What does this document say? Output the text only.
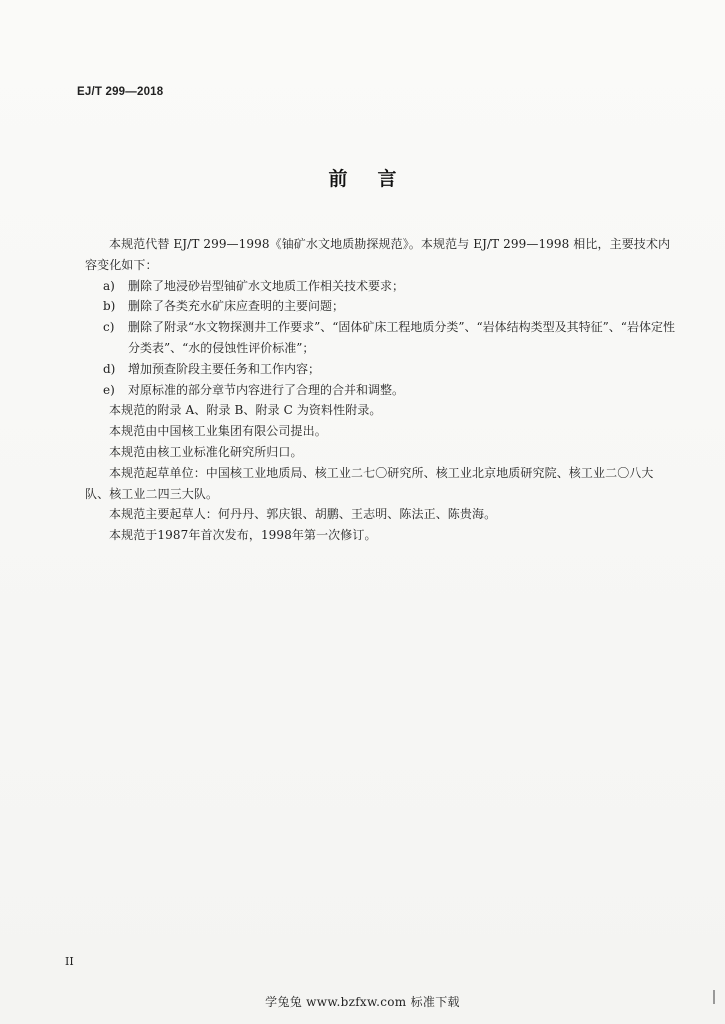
EJ/T 299—2018
前言

本规范代替 EJ/T 299—1998《铀矿水文地质勘探规范》。本规范与 EJ/T 299—1998 相比，主要技术内容变化如下：

a)	删除了地浸砂岩型铀矿水文地质工作相关技术要求；
b)	删除了各类充水矿床应查明的主要问题；
c)	删除了附录“水文物探测井工作要求”、“固体矿床工程地质分类”、“岩体结构类型及其特征”、“岩体定性分类表”、“水的侵蚀性评价标准”；
d)	增加预查阶段主要任务和工作内容；
e)	对原标准的部分章节内容进行了合理的合并和调整。

本规范的附录 A、附录 B、附录 C 为资料性附录。

本规范由中国核工业集团有限公司提出。

本规范由核工业标准化研究所归口。

本规范起草单位：中国核工业地质局、核工业二七〇研究所、核工业北京地质研究院、核工业二〇八大队、核工业二四三大队。

本规范主要起草人：何丹丹、郭庆银、胡鹏、王志明、陈法正、陈贵海。

本规范于1987年首次发布，1998年第一次修订。

II
学兔兔 www.bzfxw.com 标准下载
